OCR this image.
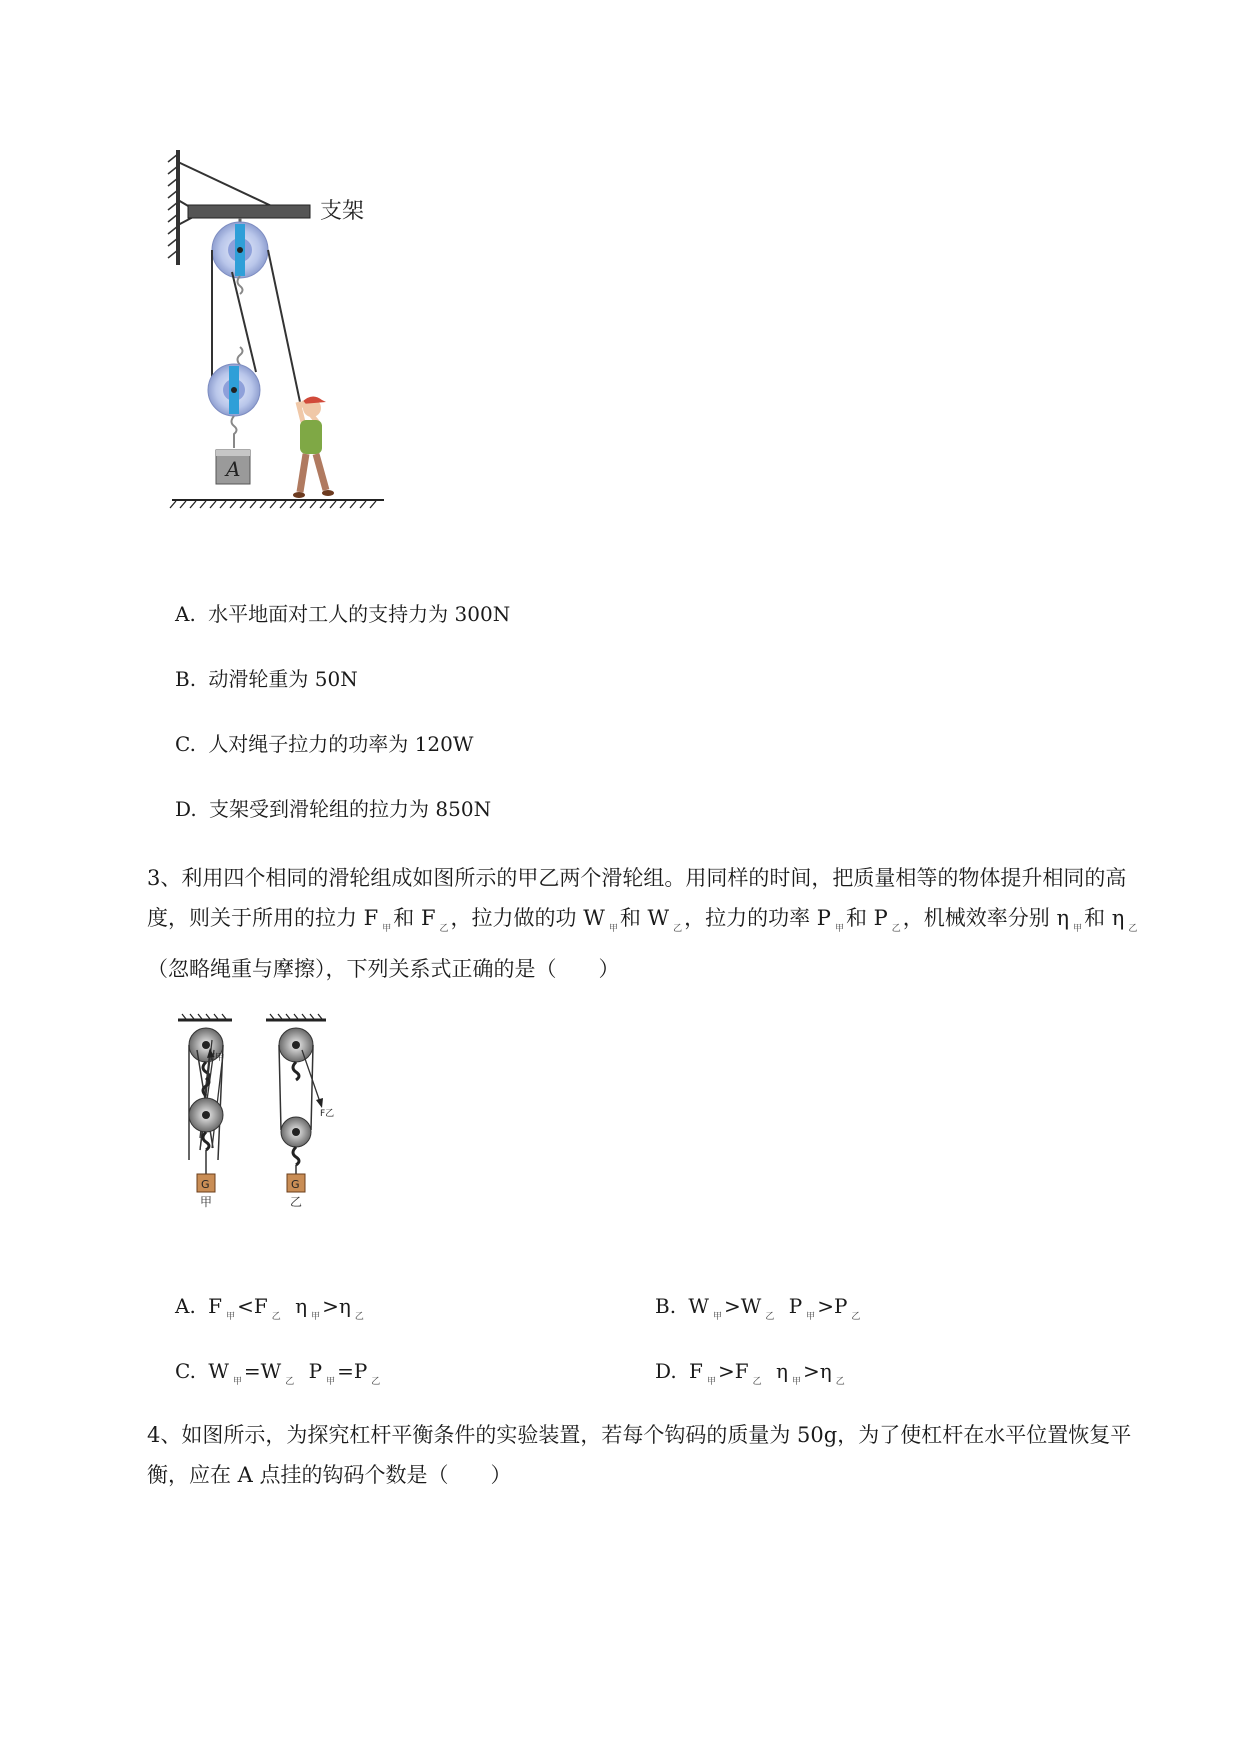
支架
A
A. 水平地面对工人的支持力为 300N
B. 动滑轮重为 50N
C. 人对绳子拉力的功率为 120W
D. 支架受到滑轮组的拉力为 850N
3、利用四个相同的滑轮组成如图所示的甲乙两个滑轮组。用同样的时间，把质量相等的物体提升相同的高度，则关于所用的拉力 F $_甲$和 F $_乙$，拉力做的功 W $_甲$和 W $_乙$，拉力的功率 P $_甲$和 P $_乙$，机械效率分别 η $_甲$和 η $_乙$（忽略绳重与摩擦），下列关系式正确的是（　　）
F甲
G
甲
F乙
G
乙
A. F $_甲$ <F $_乙$ η $_甲$ >η $_乙$	B. W $_甲$ >W $_乙$ P $_甲$ >P $_乙$
C. W $_甲$ =W $_乙$ P $_甲$ =P $_乙$	D. F $_甲$ >F $_乙$ η $_甲$ >η $_乙$
4、如图所示，为探究杠杆平衡条件的实验装置，若每个钩码的质量为 50g，为了使杠杆在水平位置恢复平衡，应在 A 点挂的钩码个数是（　　）
